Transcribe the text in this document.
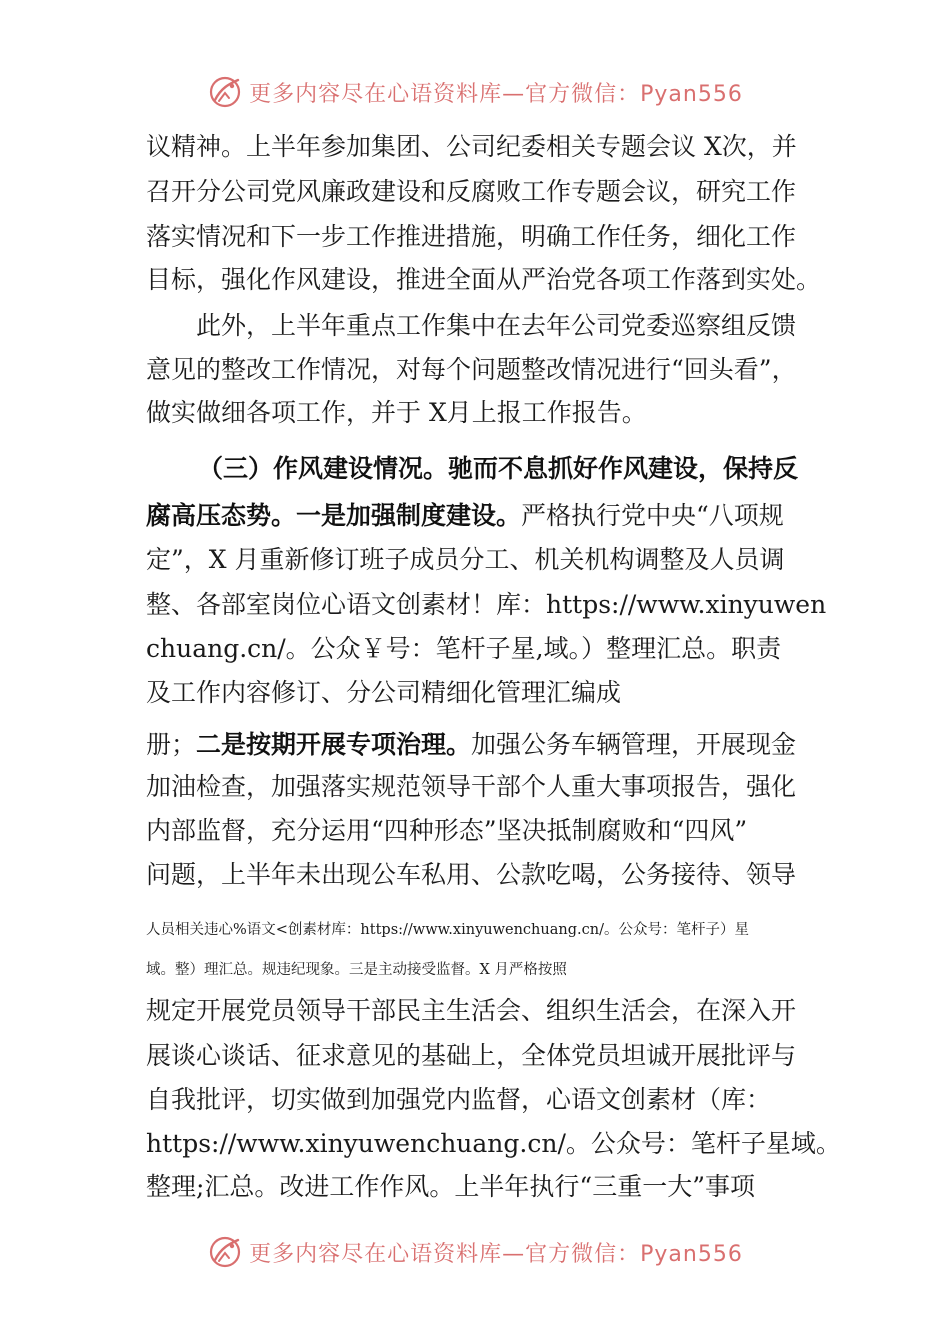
更多内容尽在心语资料库—官方微信：Pyan556
议精神。上半年参加集团、公司纪委相关专题会议 X次，并
召开分公司党风廉政建设和反腐败工作专题会议，研究工作
落实情况和下一步工作推进措施，明确工作任务，细化工作
目标，强化作风建设，推进全面从严治党各项工作落到实处。
此外，上半年重点工作集中在去年公司党委巡察组反馈
意见的整改工作情况，对每个问题整改情况进行“回头看”，
做实做细各项工作，并于 X月上报工作报告。
（三）作风建设情况。驰而不息抓好作风建设，保持反
腐高压态势。一是加强制度建设。严格执行党中央“八项规
定”，X 月重新修订班子成员分工、机关机构调整及人员调
整、各部室岗位心语文创素材！库：https://www.xinyuwen
chuang.cn/。公众￥号：笔杆子星,域。）整理汇总。职责
及工作内容修订、分公司精细化管理汇编成
册；二是按期开展专项治理。加强公务车辆管理，开展现金
加油检查，加强落实规范领导干部个人重大事项报告，强化
内部监督，充分运用“四种形态”坚决抵制腐败和“四风”
问题，上半年未出现公车私用、公款吃喝，公务接待、领导
人员相关违心%语文<创素材库：https://www.xinyuwenchuang.cn/。公众号：笔杆子）星
域。整）理汇总。规违纪现象。三是主动接受监督。X 月严格按照
规定开展党员领导干部民主生活会、组织生活会，在深入开
展谈心谈话、征求意见的基础上，全体党员坦诚开展批评与
自我批评，切实做到加强党内监督，心语文创素材（库：
https://www.xinyuwenchuang.cn/。公众号：笔杆子星域。
整理;汇总。改进工作作风。上半年执行“三重一大”事项
更多内容尽在心语资料库—官方微信：Pyan556
